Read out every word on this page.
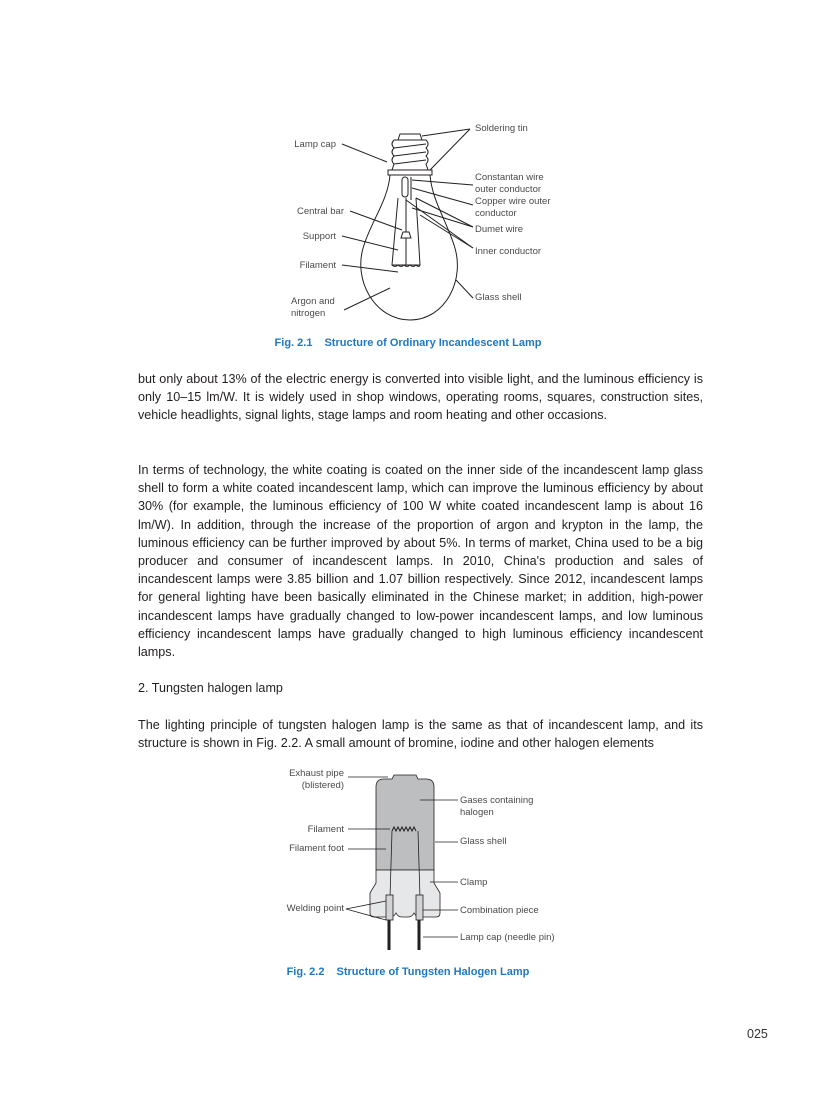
Lamp cap
Central bar
Support
Filament
Argon and
nitrogen
Soldering tin
Constantan wire
outer conductor
Copper wire outer
conductor
Dumet wire
Inner conductor
Glass shell
Fig. 2.1 Structure of Ordinary Incandescent Lamp

but only about 13% of the electric energy is converted into visible light, and the luminous efficiency is only 10–15 lm/W. It is widely used in shop windows, operating rooms, squares, construction sites, vehicle headlights, signal lights, stage lamps and room heating and other occasions.

In terms of technology, the white coating is coated on the inner side of the incandescent lamp glass shell to form a white coated incandescent lamp, which can improve the luminous efficiency by about 30% (for example, the luminous efficiency of 100 W white coated incandescent lamp is about 16 lm/W). In addition, through the increase of the proportion of argon and krypton in the lamp, the luminous efficiency can be further improved by about 5%. In terms of market, China used to be a big producer and consumer of incandescent lamps. In 2010, China's production and sales of incandescent lamps were 3.85 billion and 1.07 billion respectively. Since 2012, incandescent lamps for general lighting have been basically eliminated in the Chinese market; in addition, high-power incandescent lamps have gradually changed to low-power incandescent lamps, and low luminous efficiency incandescent lamps have gradually changed to high luminous efficiency incandescent lamps.

2. Tungsten halogen lamp

The lighting principle of tungsten halogen lamp is the same as that of incandescent lamp, and its structure is shown in Fig. 2.2. A small amount of bromine, iodine and other halogen elements

Exhaust pipe
(blistered)
Filament
Filament foot
Welding point
Gases containing
halogen
Glass shell
Clamp
Combination piece
Lamp cap (needle pin)
Fig. 2.2 Structure of Tungsten Halogen Lamp
025
